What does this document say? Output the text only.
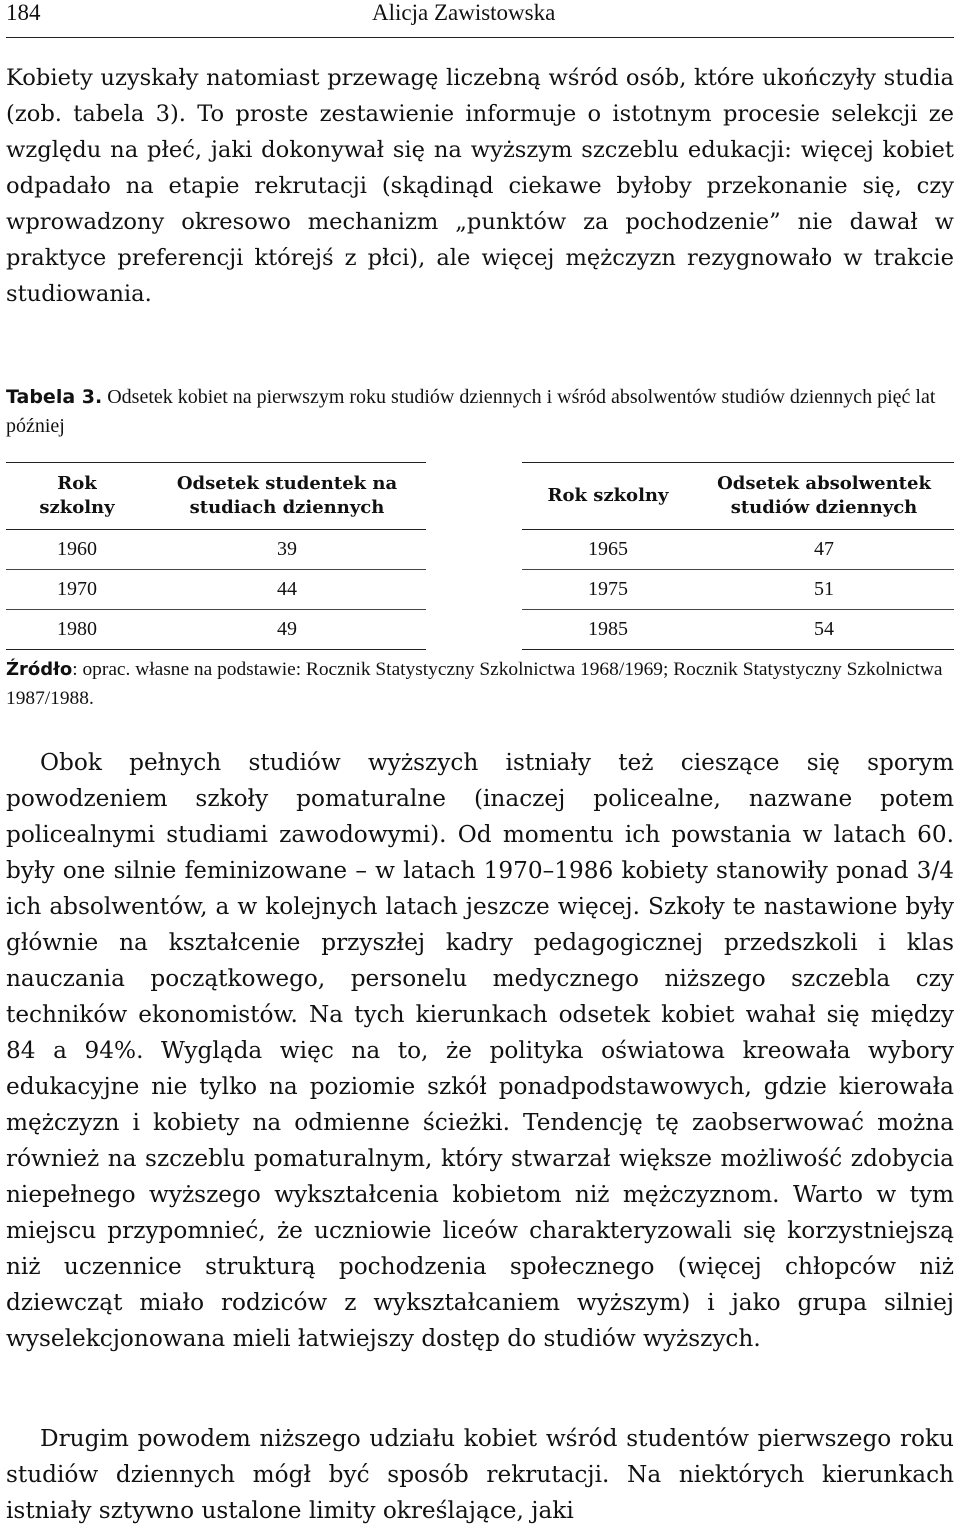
184	Alicja Zawistowska

Kobiety uzyskały natomiast przewagę liczebną wśród osób, które ukończyły studia (zob. tabela 3). To proste zestawienie informuje o istotnym procesie selekcji ze względu na płeć, jaki dokonywał się na wyższym szczeblu edukacji: więcej kobiet odpadało na etapie rekrutacji (skądinąd ciekawe byłoby przekonanie się, czy wprowadzony okresowo mechanizm „punktów za pochodzenie” nie dawał w praktyce preferencji którejś z płci), ale więcej mężczyzn rezygnowało w trakcie studiowania.

Tabela 3. Odsetek kobiet na pierwszym roku studiów dziennych i wśród absolwentów studiów dziennych pięć lat później

Rok szkolny	Odsetek studentek na studiach dziennych
1960	39
1970	44
1980	49
Rok szkolny	Odsetek absolwentek studiów dziennych
1965	47
1975	51
1985	54

Źródło: oprac. własne na podstawie: Rocznik Statystyczny Szkolnictwa 1968/1969; Rocznik Statystyczny Szkolnictwa 1987/1988.

Obok pełnych studiów wyższych istniały też cieszące się sporym powodzeniem szkoły pomaturalne (inaczej policealne, nazwane potem policealnymi studiami zawodowymi). Od momentu ich powstania w latach 60. były one silnie feminizowane – w latach 1970–1986 kobiety stanowiły ponad 3/4 ich absolwentów, a w kolejnych latach jeszcze więcej. Szkoły te nastawione były głównie na kształcenie przyszłej kadry pedagogicznej przedszkoli i klas nauczania początkowego, personelu medycznego niższego szczebla czy techników ekonomistów. Na tych kierunkach odsetek kobiet wahał się między 84 a 94%. Wygląda więc na to, że polityka oświatowa kreowała wybory edukacyjne nie tylko na poziomie szkół ponadpodstawowych, gdzie kierowała mężczyzn i kobiety na odmienne ścieżki. Tendencję tę zaobserwować można również na szczeblu pomaturalnym, który stwarzał większe możliwość zdobycia niepełnego wyższego wykształcenia kobietom niż mężczyznom. Warto w tym miejscu przypomnieć, że uczniowie liceów charakteryzowali się korzystniejszą niż uczennice strukturą pochodzenia społecznego (więcej chłopców niż dziewcząt miało rodziców z wykształcaniem wyższym) i jako grupa silniej wyselekcjonowana mieli łatwiejszy dostęp do studiów wyższych.

Drugim powodem niższego udziału kobiet wśród studentów pierwszego roku studiów dziennych mógł być sposób rekrutacji. Na niektórych kierunkach istniały sztywno ustalone limity określające, jaki
